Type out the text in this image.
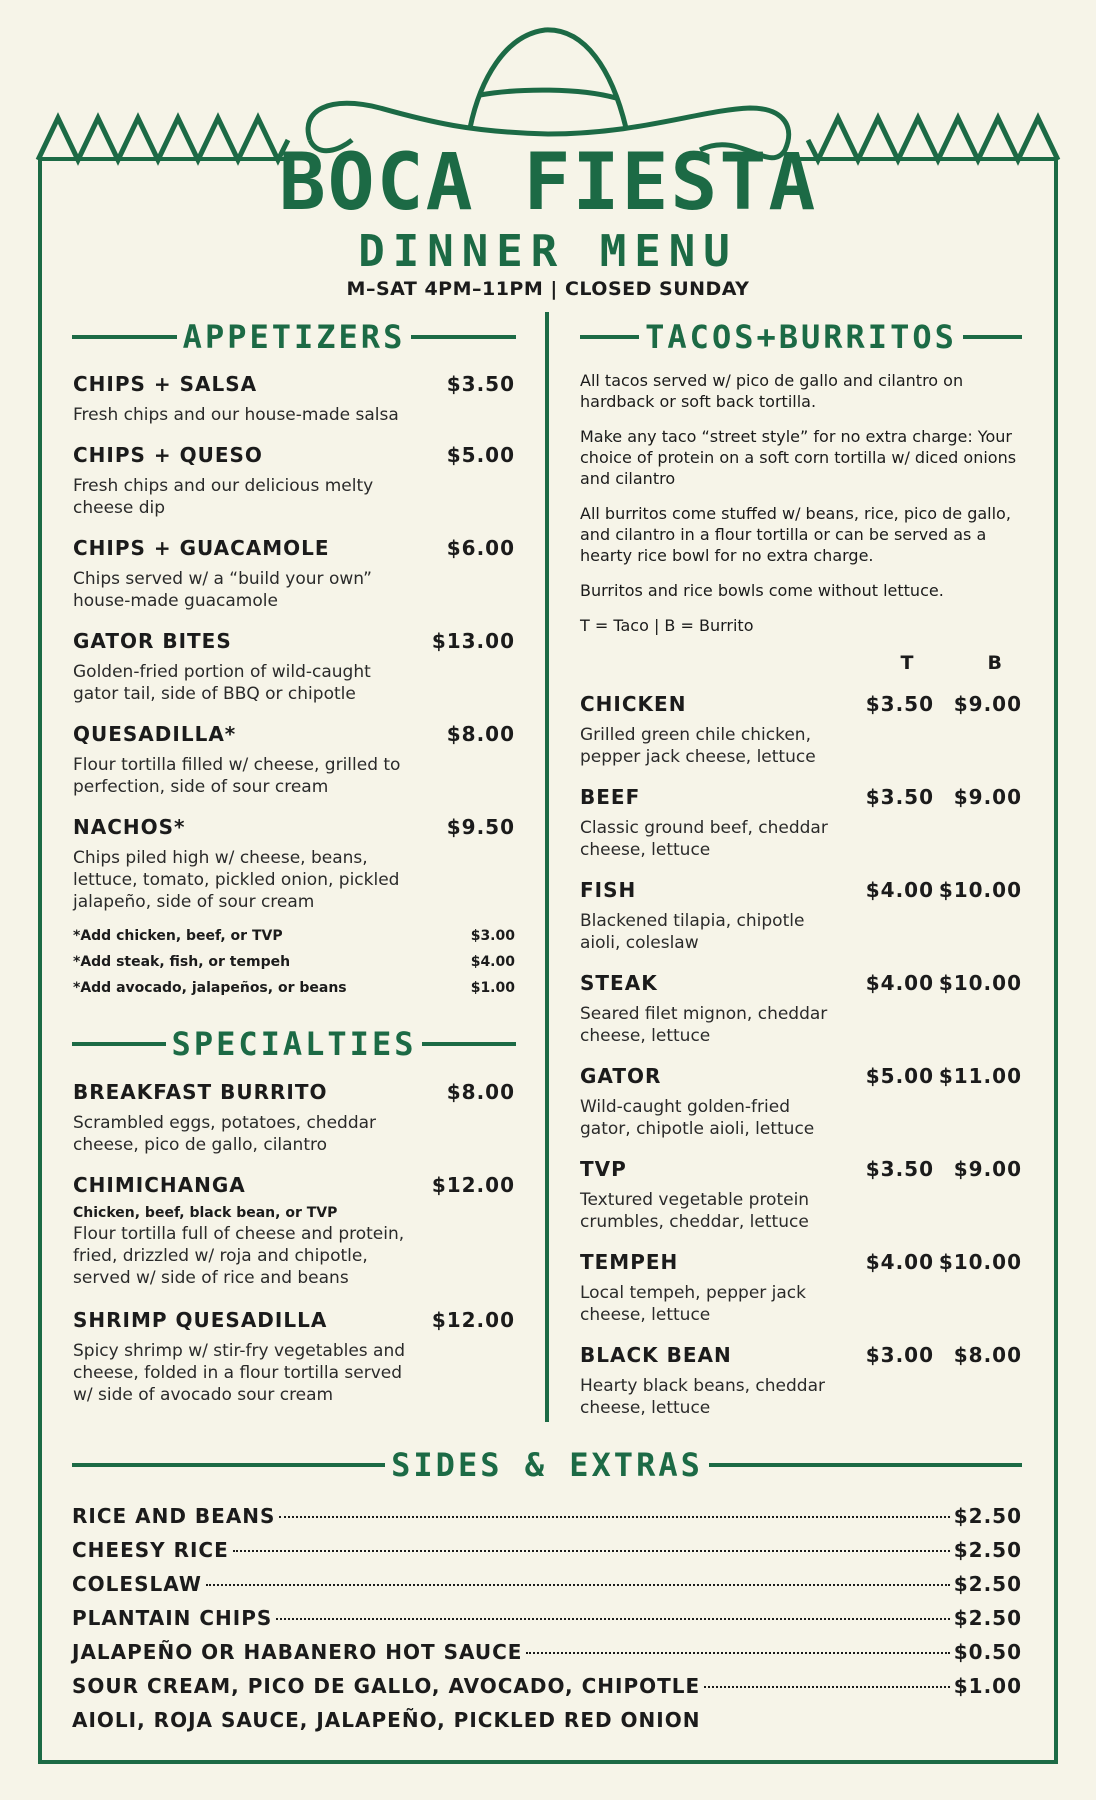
BOCA FIESTA
DINNER MENU
M–SAT 4PM–11PM | CLOSED SUNDAY
APPETIZERS
CHIPS + SALSA	$3.50
Fresh chips and our house-made salsa
CHIPS + QUESO	$5.00
Fresh chips and our delicious melty cheese dip
CHIPS + GUACAMOLE	$6.00
Chips served w/ a “build your own” house-made guacamole
GATOR BITES	$13.00
Golden-fried portion of wild-caught gator tail, side of BBQ or chipotle
QUESADILLA*	$8.00
Flour tortilla filled w/ cheese, grilled to perfection, side of sour cream
NACHOS*	$9.50
Chips piled high w/ cheese, beans, lettuce, tomato, pickled onion, pickled jalapeño, side of sour cream
*Add chicken, beef, or TVP	$3.00
*Add steak, fish, or tempeh	$4.00
*Add avocado, jalapeños, or beans	$1.00
SPECIALTIES
BREAKFAST BURRITO	$8.00
Scrambled eggs, potatoes, cheddar cheese, pico de gallo, cilantro
CHIMICHANGA	$12.00
Chicken, beef, black bean, or TVP
Flour tortilla full of cheese and protein, fried, drizzled w/ roja and chipotle, served w/ side of rice and beans
SHRIMP QUESADILLA	$12.00
Spicy shrimp w/ stir-fry vegetables and cheese, folded in a flour tortilla served w/ side of avocado sour cream
TACOS+BURRITOS

All tacos served w/ pico de gallo and cilantro on hardback or soft back tortilla.

Make any taco “street style” for no extra charge: Your choice of protein on a soft corn tortilla w/ diced onions and cilantro

All burritos come stuffed w/ beans, rice, pico de gallo, and cilantro in a flour tortilla or can be served as a hearty rice bowl for no extra charge.

Burritos and rice bowls come without lettuce.

T = Taco | B = Burrito

T	B
CHICKEN	$3.50 $9.00
Grilled green chile chicken, pepper jack cheese, lettuce
BEEF	$3.50 $9.00
Classic ground beef, cheddar cheese, lettuce
FISH	$4.00 $10.00
Blackened tilapia, chipotle aioli, coleslaw
STEAK	$4.00 $10.00
Seared filet mignon, cheddar cheese, lettuce
GATOR	$5.00 $11.00
Wild-caught golden-fried gator, chipotle aioli, lettuce
TVP	$3.50 $9.00
Textured vegetable protein crumbles, cheddar, lettuce
TEMPEH	$4.00 $10.00
Local tempeh, pepper jack cheese, lettuce
BLACK BEAN	$3.00 $8.00
Hearty black beans, cheddar cheese, lettuce
SIDES & EXTRAS
RICE AND BEANS	$2.50
CHEESY RICE	$2.50
COLESLAW	$2.50
PLANTAIN CHIPS	$2.50
JALAPEÑO OR HABANERO HOT SAUCE	$0.50
SOUR CREAM, PICO DE GALLO, AVOCADO, CHIPOTLE	$1.00
AIOLI, ROJA SAUCE, JALAPEÑO, PICKLED RED ONION
